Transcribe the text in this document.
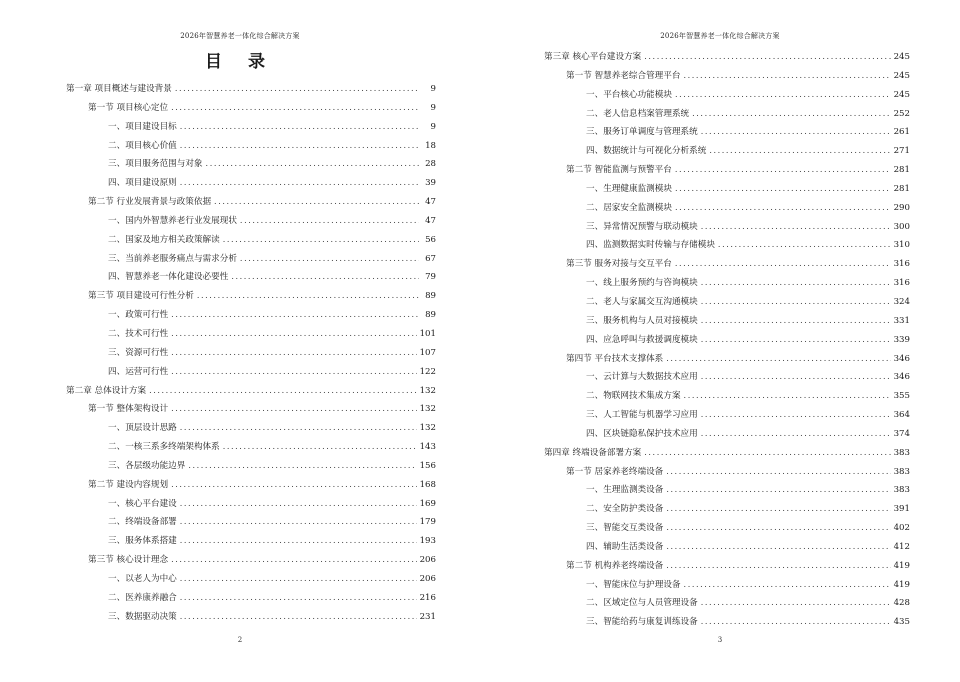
2026年智慧养老一体化综合解决方案
目 录
第一章 项目概述与建设背景 .....	9
第一节 项目核心定位 .....	9
一、项目建设目标 .....	9
二、项目核心价值 .....	18
三、项目服务范围与对象 .....	28
四、项目建设原则 .....	39
第二节 行业发展背景与政策依据 .....	47
一、国内外智慧养老行业发展现状 .....	47
二、国家及地方相关政策解读 .....	56
三、当前养老服务痛点与需求分析 .....	67
四、智慧养老一体化建设必要性 .....	79
第三节 项目建设可行性分析 .....	89
一、政策可行性 .....	89
二、技术可行性 .....	101
三、资源可行性 .....	107
四、运营可行性 .....	122
第二章 总体设计方案 .....	132
第一节 整体架构设计 .....	132
一、顶层设计思路 .....	132
二、一核三系多终端架构体系 .....	143
三、各层级功能边界 .....	156
第二节 建设内容规划 .....	168
一、核心平台建设 .....	169
二、终端设备部署 .....	179
三、服务体系搭建 .....	193
第三节 核心设计理念 .....	206
一、以老人为中心 .....	206
二、医养康养融合 .....	216
三、数据驱动决策 .....	231
2
2026年智慧养老一体化综合解决方案
3
第三章 核心平台建设方案 .....	245
第一节 智慧养老综合管理平台 .....	245
一、平台核心功能模块 .....	245
二、老人信息档案管理系统 .....	252
三、服务订单调度与管理系统 .....	261
四、数据统计与可视化分析系统 .....	271
第二节 智能监测与预警平台 .....	281
一、生理健康监测模块 .....	281
二、居家安全监测模块 .....	290
三、异常情况预警与联动模块 .....	300
四、监测数据实时传输与存储模块 .....	310
第三节 服务对接与交互平台 .....	316
一、线上服务预约与咨询模块 .....	316
二、老人与家属交互沟通模块 .....	324
三、服务机构与人员对接模块 .....	331
四、应急呼叫与救援调度模块 .....	339
第四节 平台技术支撑体系 .....	346
一、云计算与大数据技术应用 .....	346
二、物联网技术集成方案 .....	355
三、人工智能与机器学习应用 .....	364
四、区块链隐私保护技术应用 .....	374
第四章 终端设备部署方案 .....	383
第一节 居家养老终端设备 .....	383
一、生理监测类设备 .....	383
二、安全防护类设备 .....	391
三、智能交互类设备 .....	402
四、辅助生活类设备 .....	412
第二节 机构养老终端设备 .....	419
一、智能床位与护理设备 .....	419
二、区域定位与人员管理设备 .....	428
三、智能给药与康复训练设备 .....	435
